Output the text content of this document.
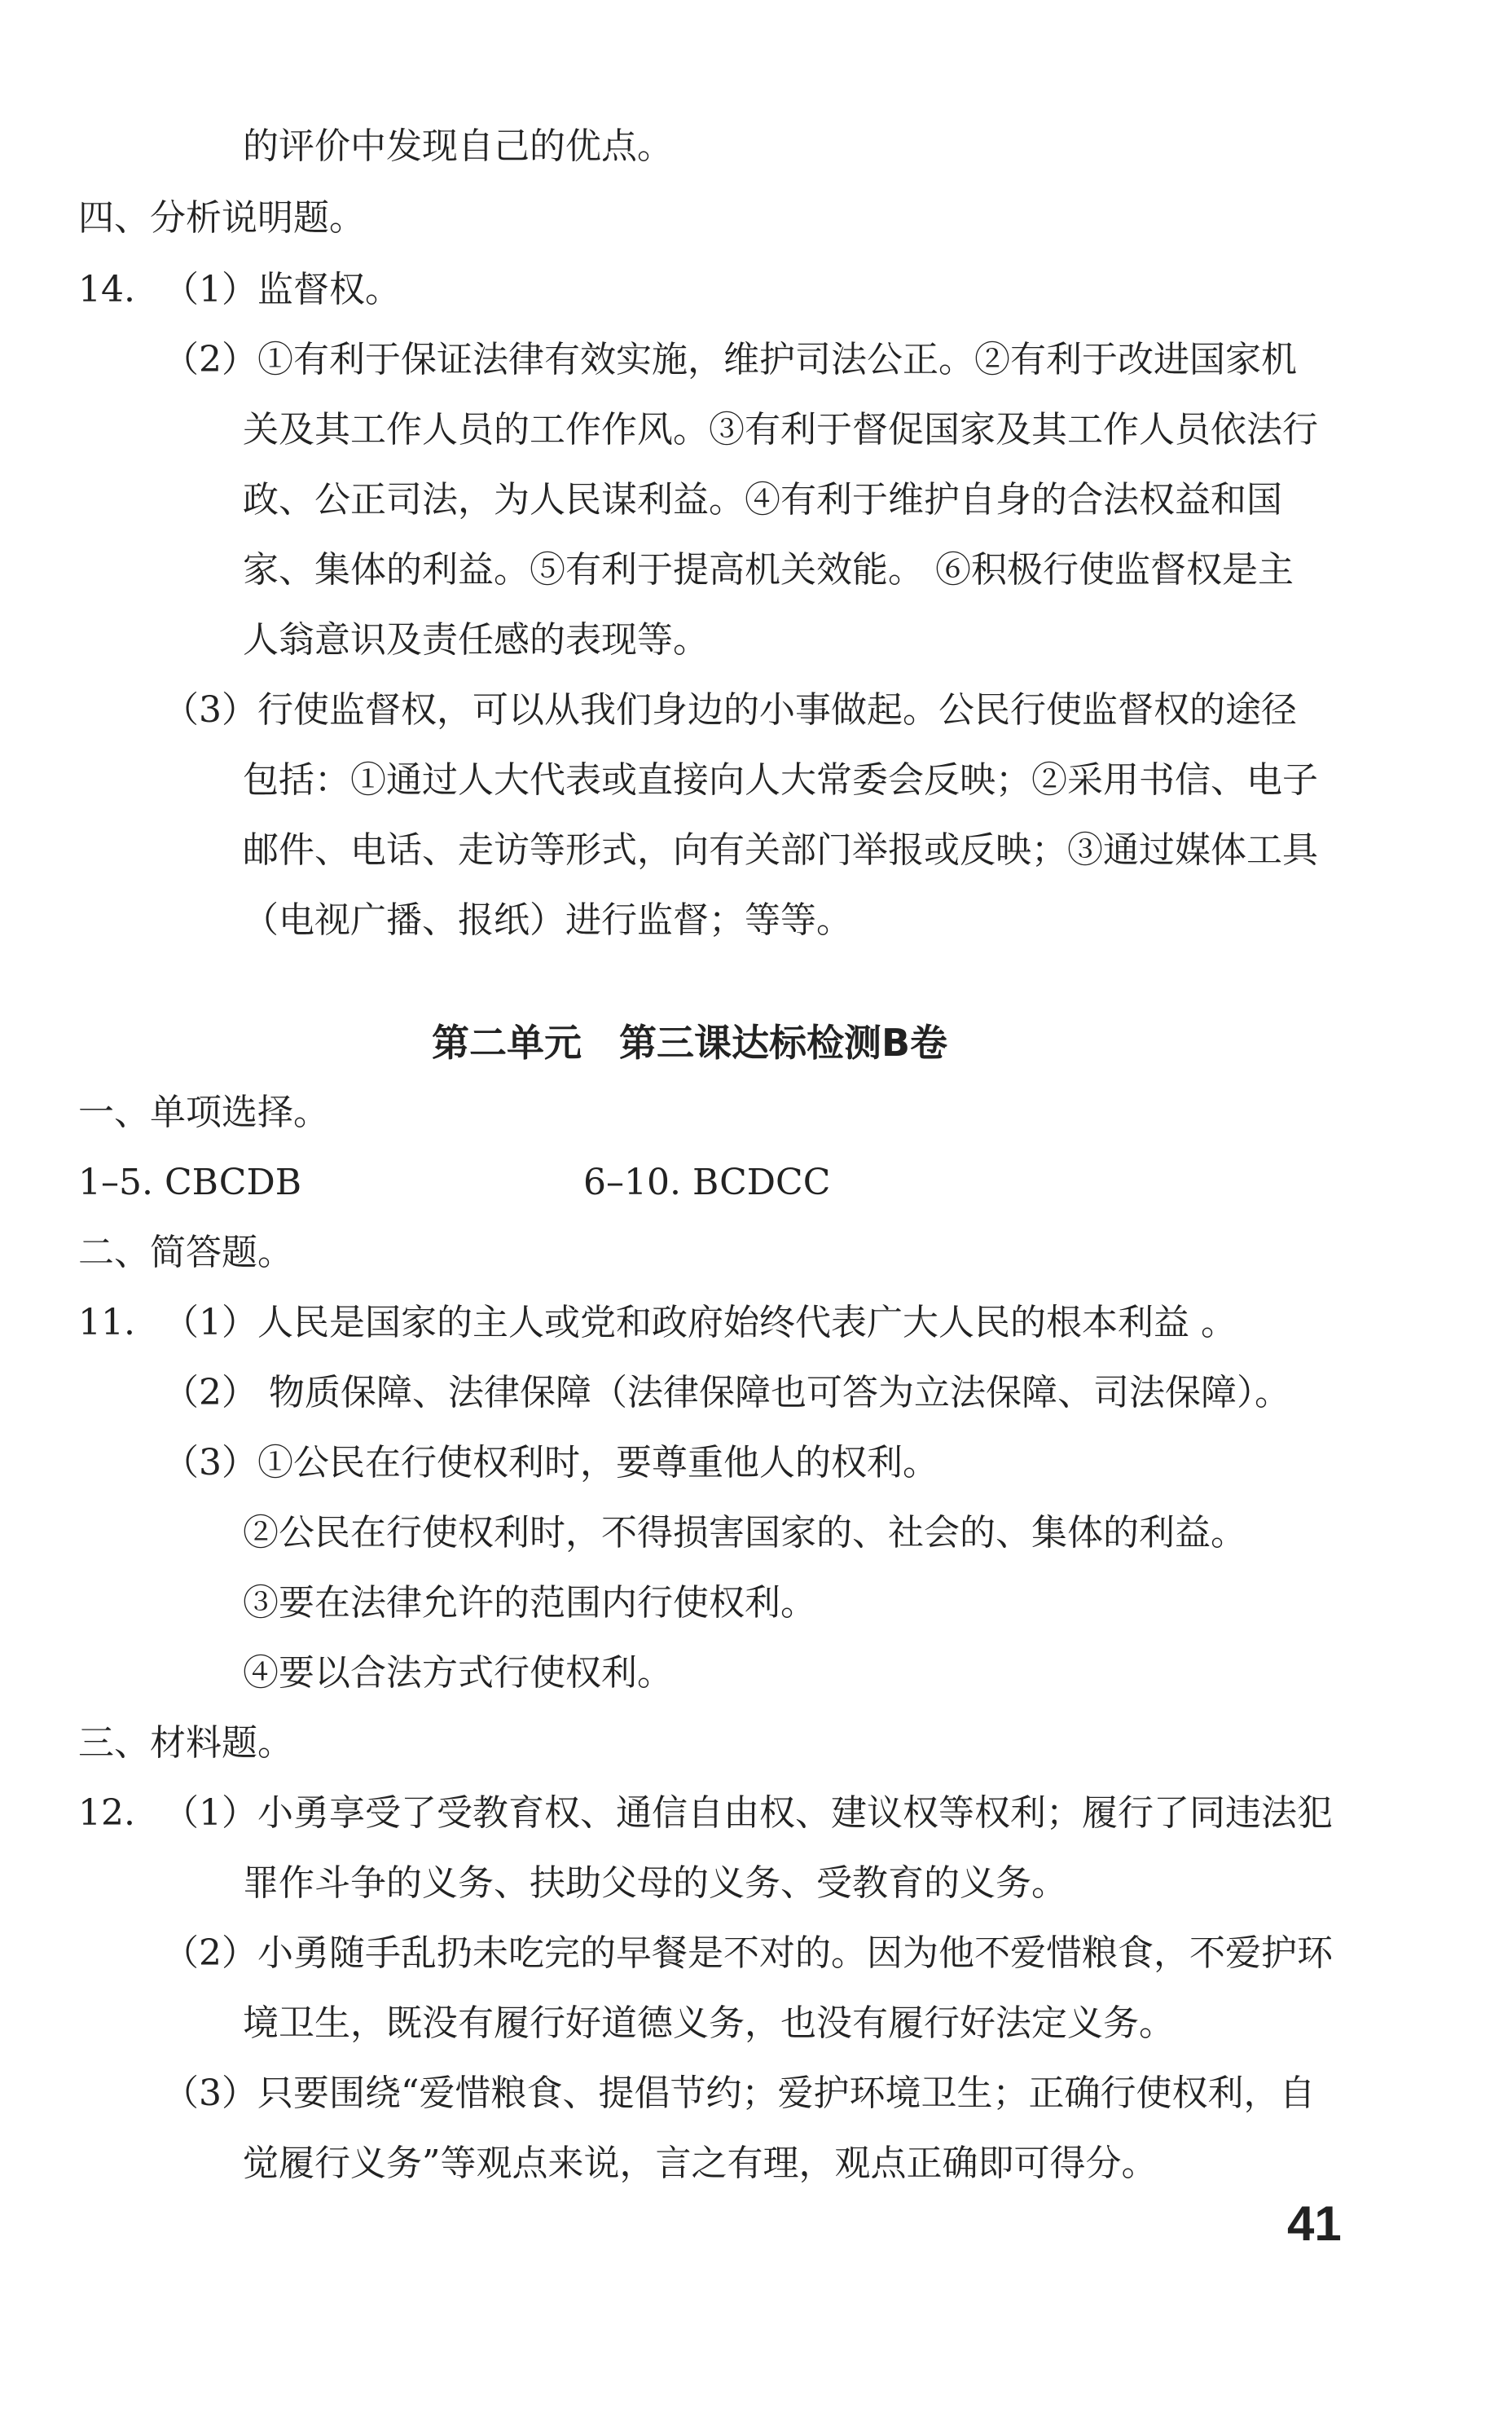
的评价中发现自己的优点。
四、分析说明题。
14. （1）监督权。
（2）①有利于保证法律有效实施，维护司法公正。②有利于改进国家机
关及其工作人员的工作作风。③有利于督促国家及其工作人员依法行
政、公正司法，为人民谋利益。④有利于维护自身的合法权益和国
家、集体的利益。⑤有利于提高机关效能。 ⑥积极行使监督权是主
人翁意识及责任感的表现等。
（3）行使监督权，可以从我们身边的小事做起。公民行使监督权的途径
包括：①通过人大代表或直接向人大常委会反映；②采用书信、电子
邮件、电话、走访等形式，向有关部门举报或反映；③通过媒体工具
（电视广播、报纸）进行监督；等等。
第二单元　第三课达标检测B卷
一、单项选择。
1–5. CBCDB	6–10. BCDCC
二、简答题。
11. （1）人民是国家的主人或党和政府始终代表广大人民的根本利益 。
（2） 物质保障、法律保障（法律保障也可答为立法保障、司法保障）。
（3）①公民在行使权利时，要尊重他人的权利。
②公民在行使权利时，不得损害国家的、社会的、集体的利益。
③要在法律允许的范围内行使权利。
④要以合法方式行使权利。
三、材料题。
12. （1）小勇享受了受教育权、通信自由权、建议权等权利；履行了同违法犯
罪作斗争的义务、扶助父母的义务、受教育的义务。
（2）小勇随手乱扔未吃完的早餐是不对的。因为他不爱惜粮食，不爱护环
境卫生，既没有履行好道德义务，也没有履行好法定义务。
（3）只要围绕“爱惜粮食、提倡节约；爱护环境卫生；正确行使权利，自
觉履行义务”等观点来说，言之有理，观点正确即可得分。
41
